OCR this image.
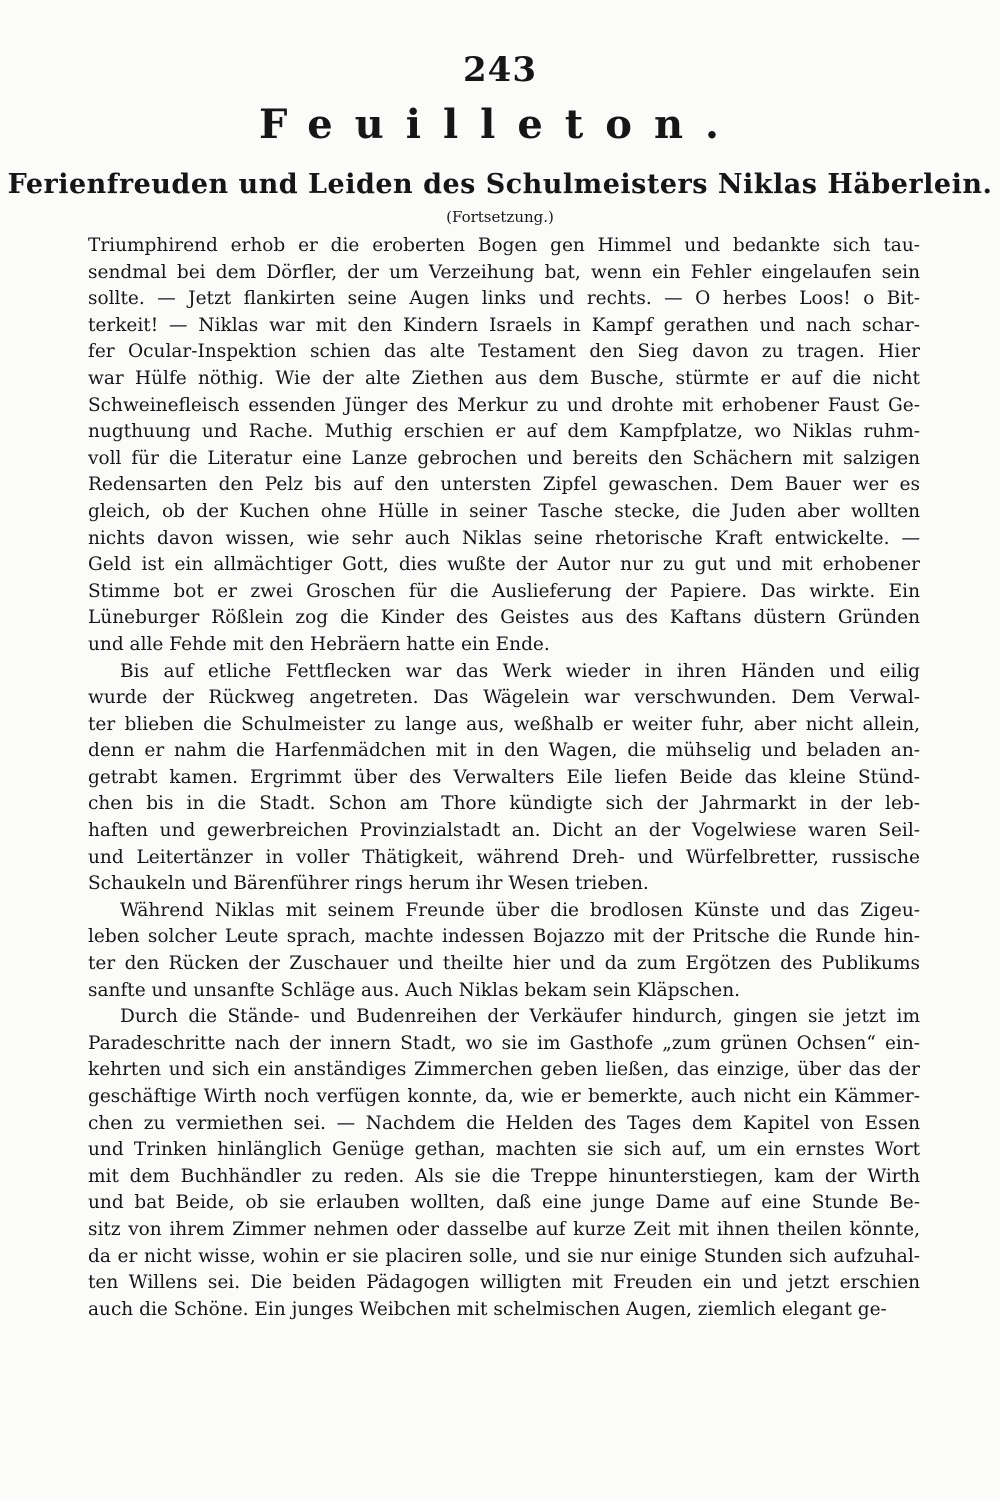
243
Feuilleton.
Ferienfreuden und Leiden des Schulmeisters Niklas Häberlein.
(Fortsetzung.)
Triumphirend erhob er die eroberten Bogen gen Himmel und bedankte sich tau-
sendmal bei dem Dörfler, der um Verzeihung bat, wenn ein Fehler eingelaufen sein
sollte. — Jetzt flankirten seine Augen links und rechts. — O herbes Loos! o Bit-
terkeit! — Niklas war mit den Kindern Israels in Kampf gerathen und nach schar-
fer Ocular-Inspektion schien das alte Testament den Sieg davon zu tragen. Hier
war Hülfe nöthig. Wie der alte Ziethen aus dem Busche, stürmte er auf die nicht
Schweinefleisch essenden Jünger des Merkur zu und drohte mit erhobener Faust Ge-
nugthuung und Rache. Muthig erschien er auf dem Kampfplatze, wo Niklas ruhm-
voll für die Literatur eine Lanze gebrochen und bereits den Schächern mit salzigen
Redensarten den Pelz bis auf den untersten Zipfel gewaschen. Dem Bauer wer es
gleich, ob der Kuchen ohne Hülle in seiner Tasche stecke, die Juden aber wollten
nichts davon wissen, wie sehr auch Niklas seine rhetorische Kraft entwickelte. —
Geld ist ein allmächtiger Gott, dies wußte der Autor nur zu gut und mit erhobener
Stimme bot er zwei Groschen für die Auslieferung der Papiere. Das wirkte. Ein
Lüneburger Rößlein zog die Kinder des Geistes aus des Kaftans düstern Gründen
und alle Fehde mit den Hebräern hatte ein Ende.
Bis auf etliche Fettflecken war das Werk wieder in ihren Händen und eilig
wurde der Rückweg angetreten. Das Wägelein war verschwunden. Dem Verwal-
ter blieben die Schulmeister zu lange aus, weßhalb er weiter fuhr, aber nicht allein,
denn er nahm die Harfenmädchen mit in den Wagen, die mühselig und beladen an-
getrabt kamen. Ergrimmt über des Verwalters Eile liefen Beide das kleine Stünd-
chen bis in die Stadt. Schon am Thore kündigte sich der Jahrmarkt in der leb-
haften und gewerbreichen Provinzialstadt an. Dicht an der Vogelwiese waren Seil-
und Leitertänzer in voller Thätigkeit, während Dreh- und Würfelbretter, russische
Schaukeln und Bärenführer rings herum ihr Wesen trieben.
Während Niklas mit seinem Freunde über die brodlosen Künste und das Zigeu-
leben solcher Leute sprach, machte indessen Bojazzo mit der Pritsche die Runde hin-
ter den Rücken der Zuschauer und theilte hier und da zum Ergötzen des Publikums
sanfte und unsanfte Schläge aus. Auch Niklas bekam sein Kläpschen.
Durch die Stände- und Budenreihen der Verkäufer hindurch, gingen sie jetzt im
Paradeschritte nach der innern Stadt, wo sie im Gasthofe „zum grünen Ochsen“ ein-
kehrten und sich ein anständiges Zimmerchen geben ließen, das einzige, über das der
geschäftige Wirth noch verfügen konnte, da, wie er bemerkte, auch nicht ein Kämmer-
chen zu vermiethen sei. — Nachdem die Helden des Tages dem Kapitel von Essen
und Trinken hinlänglich Genüge gethan, machten sie sich auf, um ein ernstes Wort
mit dem Buchhändler zu reden. Als sie die Treppe hinunterstiegen, kam der Wirth
und bat Beide, ob sie erlauben wollten, daß eine junge Dame auf eine Stunde Be-
sitz von ihrem Zimmer nehmen oder dasselbe auf kurze Zeit mit ihnen theilen könnte,
da er nicht wisse, wohin er sie placiren solle, und sie nur einige Stunden sich aufzuhal-
ten Willens sei. Die beiden Pädagogen willigten mit Freuden ein und jetzt erschien
auch die Schöne. Ein junges Weibchen mit schelmischen Augen, ziemlich elegant ge-
